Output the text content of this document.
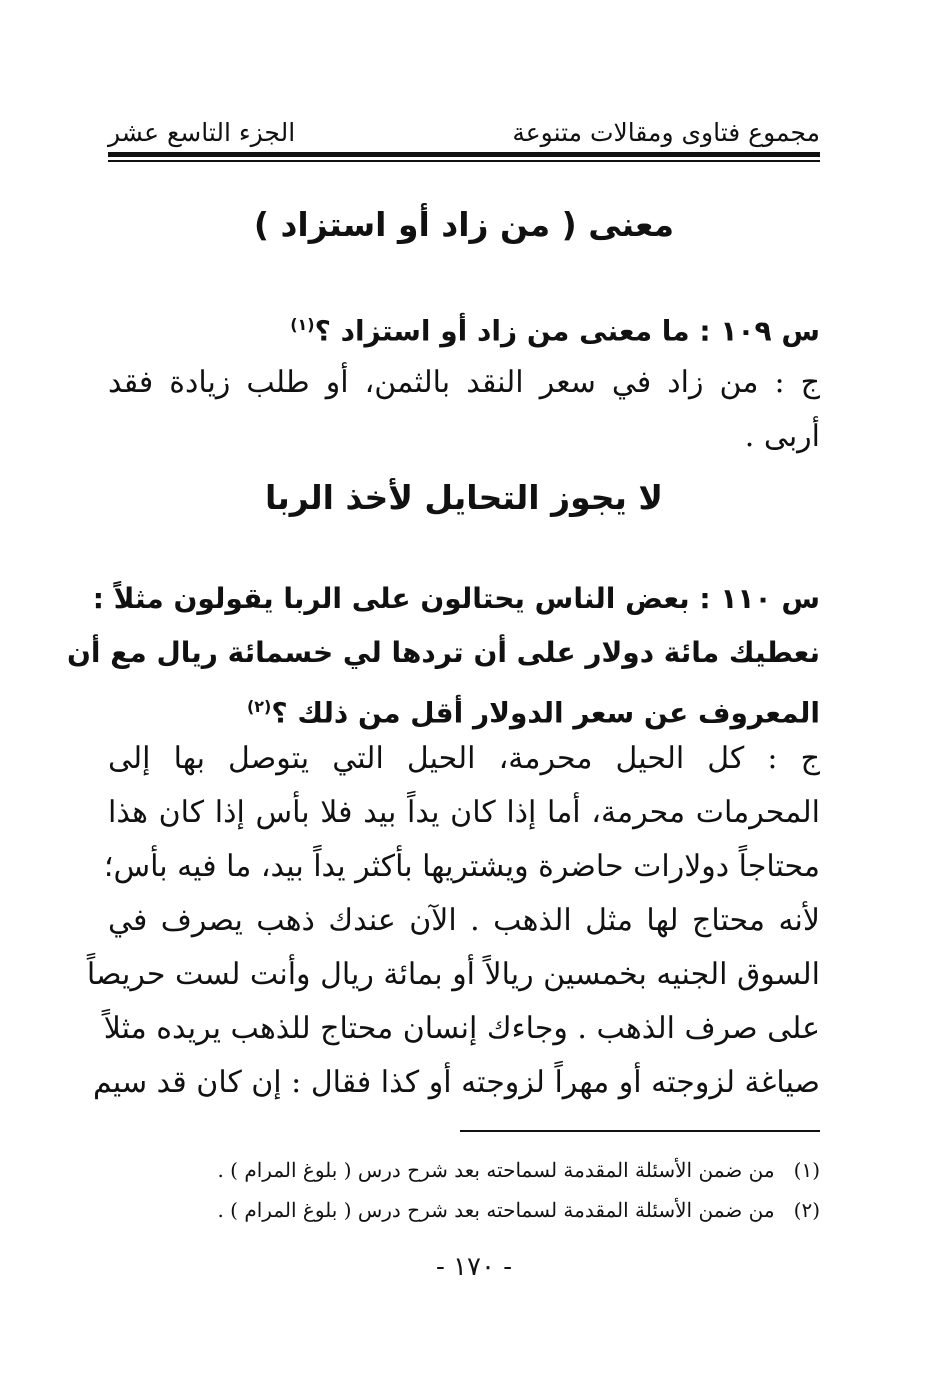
مجموع فتاوى ومقالات متنوعة
الجزء التاسع عشر
معنى ( من زاد أو استزاد )
س ١٠٩ : ما معنى من زاد أو استزاد ؟$^{(١)}$
ج : من زاد في سعر النقد بالثمن، أو طلب زيادة فقد
أربى .
لا يجوز التحايل لأخذ الربا
س ١١٠ : بعض الناس يحتالون على الربا يقولون مثلاً :
نعطيك مائة دولار على أن تردها لي خسمائة ريال مع أن
المعروف عن سعر الدولار أقل من ذلك ؟$^{(٢)}$
ج : كل الحيل محرمة، الحيل التي يتوصل بها إلى
المحرمات محرمة، أما إذا كان يداً بيد فلا بأس إذا كان هذا
محتاجاً دولارات حاضرة ويشتريها بأكثر يداً بيد، ما فيه بأس؛
لأنه محتاج لها مثل الذهب . الآن عندك ذهب يصرف في
السوق الجنيه بخمسين ريالاً أو بمائة ريال وأنت لست حريصاً
على صرف الذهب . وجاءك إنسان محتاج للذهب يريده مثلاً
صياغة لزوجته أو مهراً لزوجته أو كذا فقال : إن كان قد سيم
(١)   من ضمن الأسئلة المقدمة لسماحته بعد شرح درس ( بلوغ المرام ) .
(٢)   من ضمن الأسئلة المقدمة لسماحته بعد شرح درس ( بلوغ المرام ) .
- ١٧٠ -
